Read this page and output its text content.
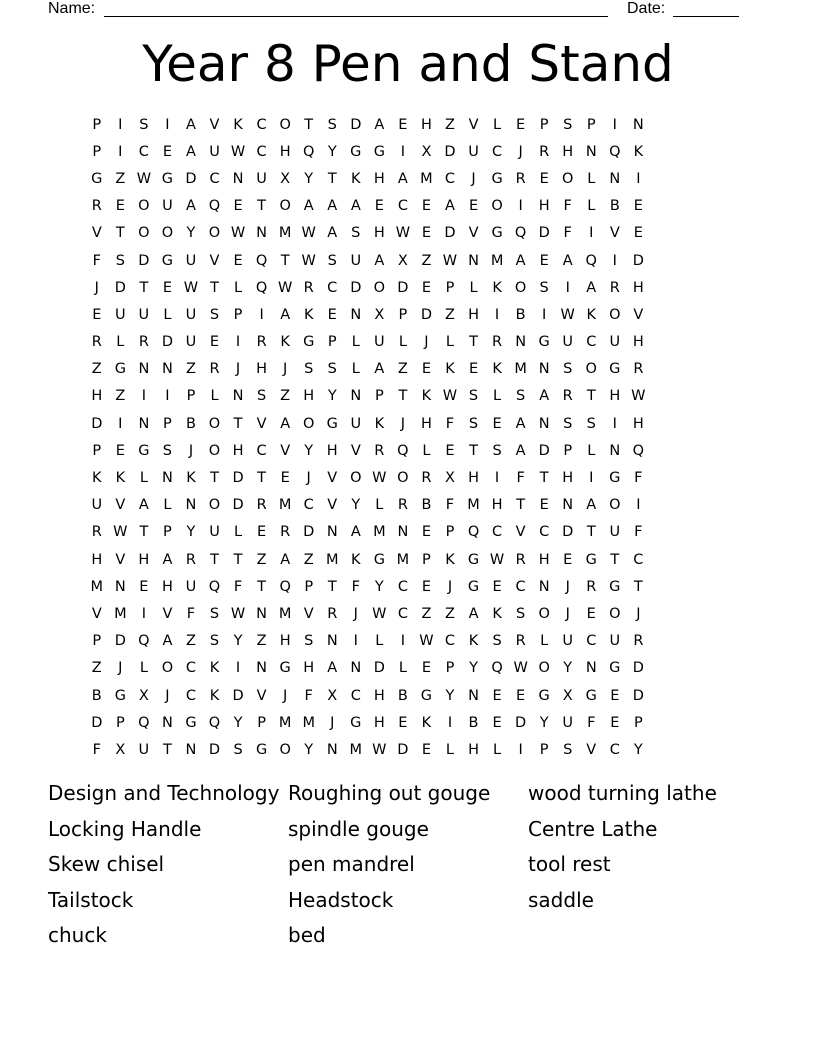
Name:	Date:
Year 8 Pen and Stand
P	I	S	I	A V K C O T	S D A E H Z V	L	E	P	S	P	I	N
P	I	C E A U W C H Q Y G G	I	X D U C	J	R H N Q K
G Z W G D C N U X Y	T K H A M C	J	G R E O L N	I
R E O U A Q E	T O A A A E C E A E O	I	H F	L	B E
V T O O Y O W N M W A S H W E D V G Q D F	I	V E
F	S D G U V E Q T W S U A X Z W N M A E A Q	I	D
J	D T	E W T	L Q W R C D O D E	P	L	K O S	I	A R H
E U U L U S	P	I	A K E N X P D Z H	I	B	I W K O V
R L R D U E	I	R K G P	L U L	J	L	T R N G U C U H
Z G N N Z R	J	H	J	S S	L	A Z E K E K M N S O G R
H Z	I	I	P	L N S Z H Y N P	T K W S	L	S A R T H W
D	I	N P B O T V A O G U K	J	H F	S E A N S S	I	H
P	E G S	J	O H C V Y H V R Q L	E	T	S A D P	L N Q
K K	L N K T D T	E	J	V O W O R X H	I	F	T H	I	G F
U V A	L N O D R M C V Y	L R B F M H T	E N A O	I
R W T	P	Y U L	E R D N A M N E	P Q C V C D T U F
H V H A R T	T Z A Z M K G M P K G W R H E G T C
M N E H U Q F	T Q P	T	F	Y C E	J	G E C N	J	R G T
V M	I	V F	S W N M V R	J W C Z Z A K S O	J	E O	J
P D Q A Z S	Y Z H S N	I	L	I W C K S R L U C U R
Z	J	L O C K	I	N G H A N D L	E	P	Y Q W O Y N G D
B G X	J	C K D V	J	F X C H B G Y N E E G X G E D
D P Q N G Q Y	P M M	J	G H E K	I	B E D Y U F	E	P
F X U T N D S G O Y N M W D E	L H L	I	P	S V C Y
Design and Technology
Locking Handle
Skew chisel
Tailstock
chuck
Roughing out gouge
spindle gouge
pen mandrel
Headstock
bed
wood turning lathe
Centre Lathe
tool rest
saddle
